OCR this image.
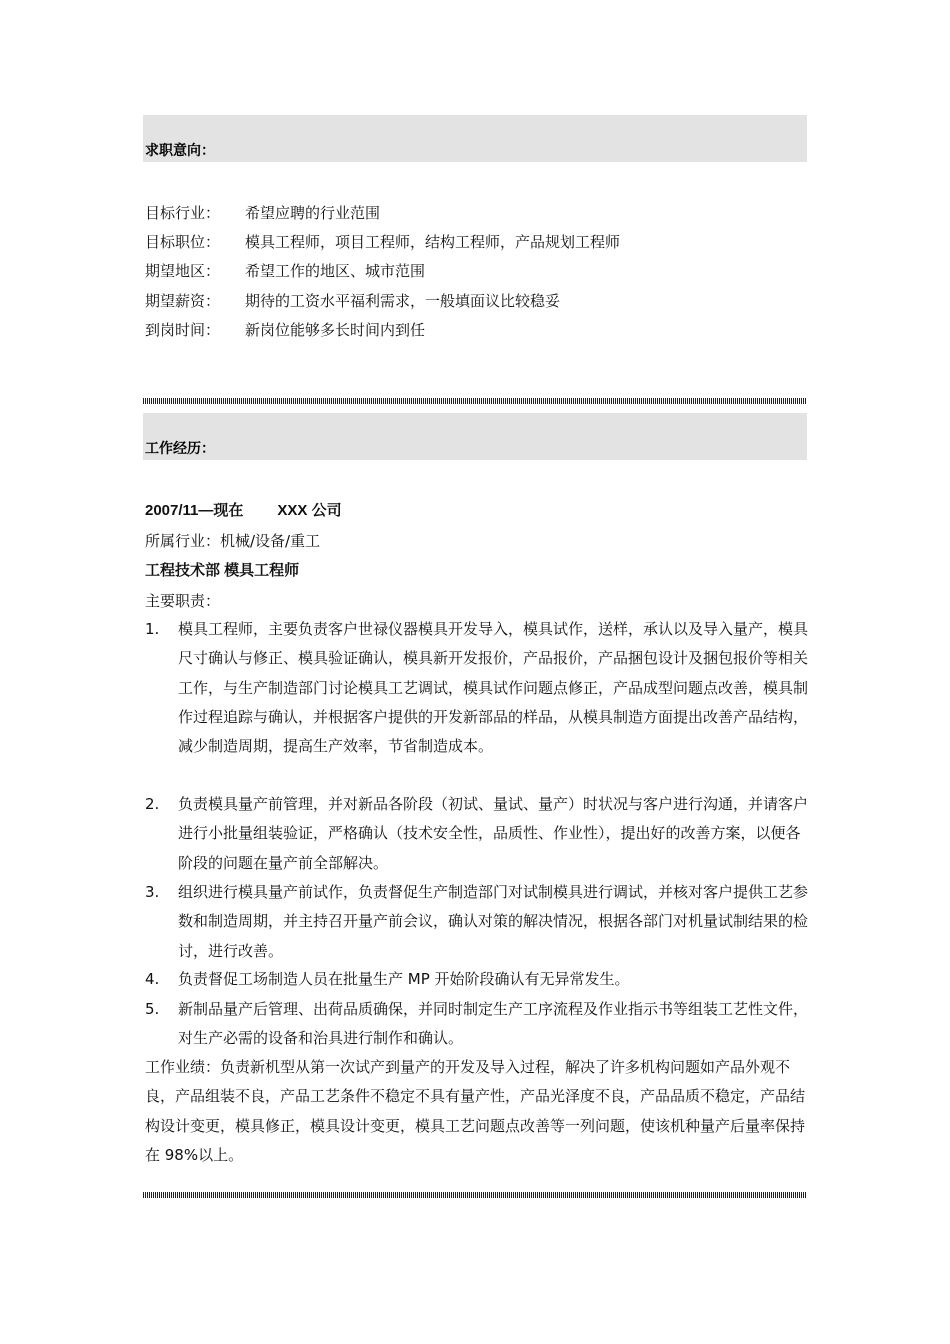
求职意向：
目标行业： 希望应聘的行业范围
目标职位： 模具工程师，项目工程师，结构工程师，产品规划工程师
期望地区： 希望工作的地区、城市范围
期望薪资： 期待的工资水平福利需求，一般填面议比较稳妥
到岗时间： 新岗位能够多长时间内到任
工作经历：
2007/11—现在 XXX 公司
所属行业：机械/设备/重工
工程技术部 模具工程师
主要职责：
1. 模具工程师，主要负责客户世禄仪器模具开发导入，模具试作，送样，承认以及导入量产，模具尺寸确认与修正、模具验证确认，模具新开发报价，产品报价，产品捆包设计及捆包报价等相关工作，与生产制造部门讨论模具工艺调试，模具试作问题点修正，产品成型问题点改善，模具制作过程追踪与确认，并根据客户提供的开发新部品的样品，从模具制造方面提出改善产品结构，减少制造周期，提高生产效率，节省制造成本。
2. 负责模具量产前管理，并对新品各阶段（初试、量试、量产）时状况与客户进行沟通，并请客户进行小批量组装验证，严格确认（技术安全性，品质性、作业性），提出好的改善方案，以便各阶段的问题在量产前全部解决。
3. 组织进行模具量产前试作，负责督促生产制造部门对试制模具进行调试，并核对客户提供工艺参数和制造周期，并主持召开量产前会议，确认对策的解决情况，根据各部门对机量试制结果的检讨，进行改善。
4. 负责督促工场制造人员在批量生产 MP 开始阶段确认有无异常发生。
5. 新制品量产后管理、出荷品质确保，并同时制定生产工序流程及作业指示书等组装工艺性文件，对生产必需的设备和治具进行制作和确认。
工作业绩：负责新机型从第一次试产到量产的开发及导入过程，解决了许多机构问题如产品外观不良，产品组装不良，产品工艺条件不稳定不具有量产性，产品光泽度不良，产品品质不稳定，产品结构设计变更，模具修正，模具设计变更，模具工艺问题点改善等一列问题，使该机种量产后量率保持在 98%以上。
